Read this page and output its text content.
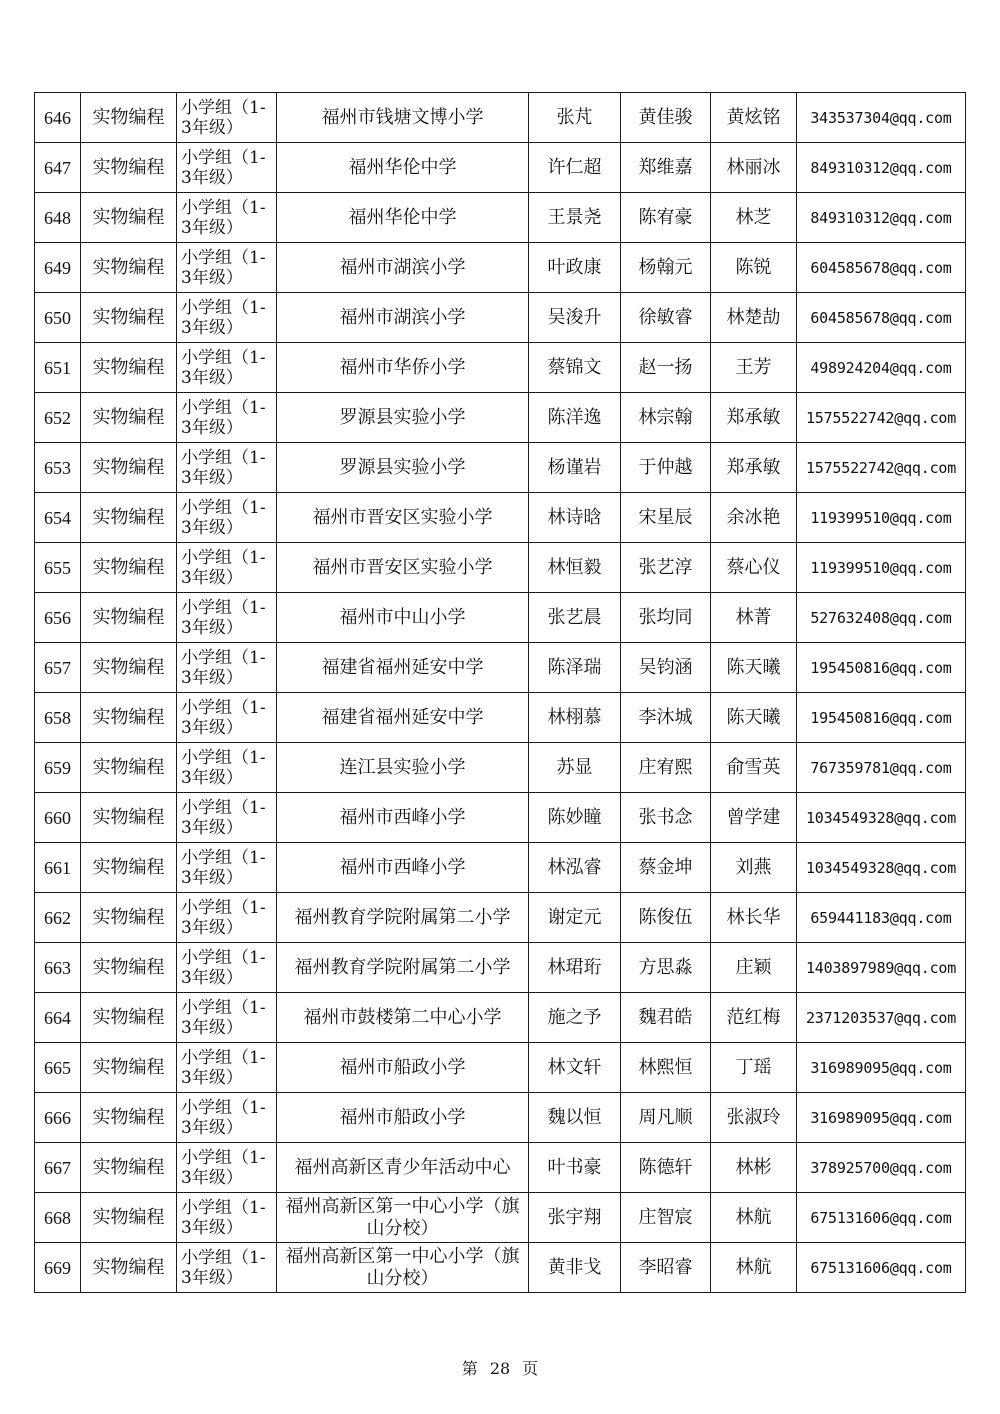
646	实物编程	小学组（1-3年级）	福州市钱塘文博小学	张芃	黄佳骏	黄炫铭	343537304@qq.com
647	实物编程	小学组（1-3年级）	福州华伦中学	许仁超	郑维嘉	林丽冰	849310312@qq.com
648	实物编程	小学组（1-3年级）	福州华伦中学	王景尧	陈宥豪	林芝	849310312@qq.com
649	实物编程	小学组（1-3年级）	福州市湖滨小学	叶政康	杨翰元	陈锐	604585678@qq.com
650	实物编程	小学组（1-3年级）	福州市湖滨小学	吴浚升	徐敏睿	林楚劼	604585678@qq.com
651	实物编程	小学组（1-3年级）	福州市华侨小学	蔡锦文	赵一扬	王芳	498924204@qq.com
652	实物编程	小学组（1-3年级）	罗源县实验小学	陈洋逸	林宗翰	郑承敏	1575522742@qq.com
653	实物编程	小学组（1-3年级）	罗源县实验小学	杨谨岩	于仲越	郑承敏	1575522742@qq.com
654	实物编程	小学组（1-3年级）	福州市晋安区实验小学	林诗晗	宋星辰	余冰艳	119399510@qq.com
655	实物编程	小学组（1-3年级）	福州市晋安区实验小学	林恒毅	张艺淳	蔡心仪	119399510@qq.com
656	实物编程	小学组（1-3年级）	福州市中山小学	张艺晨	张均同	林菁	527632408@qq.com
657	实物编程	小学组（1-3年级）	福建省福州延安中学	陈泽瑞	吴钧涵	陈天曦	195450816@qq.com
658	实物编程	小学组（1-3年级）	福建省福州延安中学	林栩慕	李沐城	陈天曦	195450816@qq.com
659	实物编程	小学组（1-3年级）	连江县实验小学	苏显	庄宥熙	俞雪英	767359781@qq.com
660	实物编程	小学组（1-3年级）	福州市西峰小学	陈妙瞳	张书念	曾学建	1034549328@qq.com
661	实物编程	小学组（1-3年级）	福州市西峰小学	林泓睿	蔡金坤	刘燕	1034549328@qq.com
662	实物编程	小学组（1-3年级）	福州教育学院附属第二小学	谢定元	陈俊伍	林长华	659441183@qq.com
663	实物编程	小学组（1-3年级）	福州教育学院附属第二小学	林珺珩	方思淼	庄颖	1403897989@qq.com
664	实物编程	小学组（1-3年级）	福州市鼓楼第二中心小学	施之予	魏君皓	范红梅	2371203537@qq.com
665	实物编程	小学组（1-3年级）	福州市船政小学	林文轩	林熙恒	丁瑶	316989095@qq.com
666	实物编程	小学组（1-3年级）	福州市船政小学	魏以恒	周凡顺	张淑玲	316989095@qq.com
667	实物编程	小学组（1-3年级）	福州高新区青少年活动中心	叶书豪	陈德轩	林彬	378925700@qq.com
668	实物编程	小学组（1-3年级）	福州高新区第一中心小学（旗山分校）	张宇翔	庄智宸	林航	675131606@qq.com
669	实物编程	小学组（1-3年级）	福州高新区第一中心小学（旗山分校）	黄非戈	李昭睿	林航	675131606@qq.com
第 28 页
